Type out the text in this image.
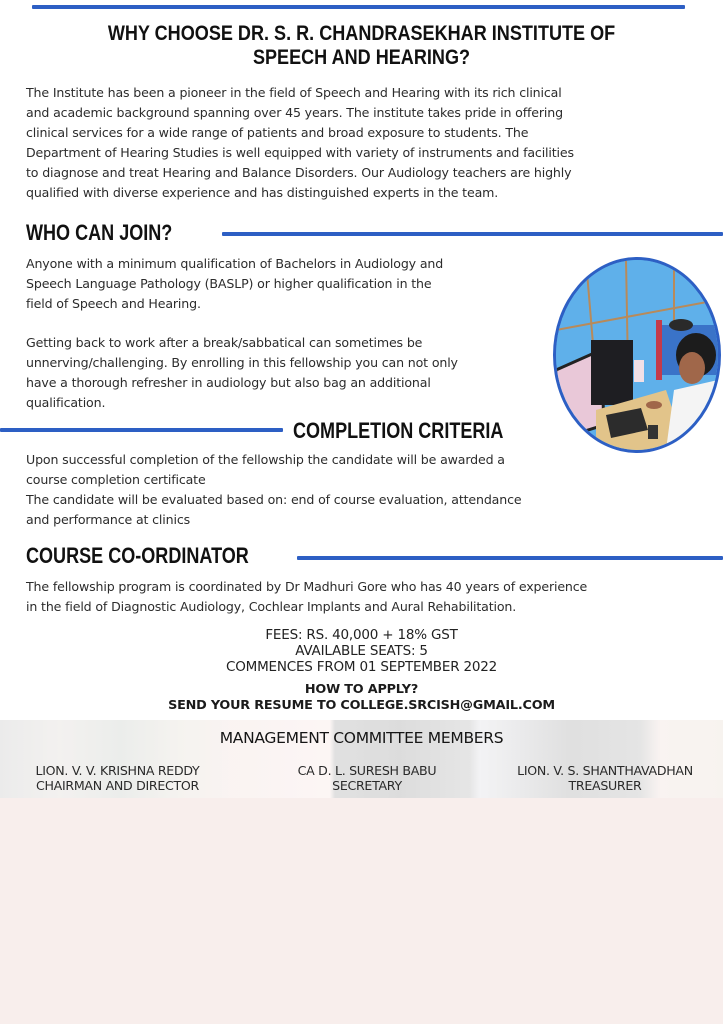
WHY CHOOSE DR. S. R. CHANDRASEKHAR INSTITUTE OF
SPEECH AND HEARING?
The Institute has been a pioneer in the field of Speech and Hearing with its rich clinical
and academic background spanning over 45 years. The institute takes pride in offering
clinical services for a wide range of patients and broad exposure to students. The
Department of Hearing Studies is well equipped with variety of instruments and facilities
to diagnose and treat Hearing and Balance Disorders. Our Audiology teachers are highly
qualified with diverse experience and has distinguished experts in the team.
WHO CAN JOIN?
Anyone with a minimum qualification of Bachelors in Audiology and
Speech Language Pathology (BASLP) or higher qualification in the
field of Speech and Hearing.
Getting back to work after a break/sabbatical can sometimes be
unnerving/challenging. By enrolling in this fellowship you can not only
have a thorough refresher in audiology but also bag an additional
qualification.
COMPLETION CRITERIA
Upon successful completion of the fellowship the candidate will be awarded a
course completion certificate
The candidate will be evaluated based on: end of course evaluation, attendance
and performance at clinics
COURSE CO-ORDINATOR
The fellowship program is coordinated by Dr Madhuri Gore who has 40 years of experience
in the field of Diagnostic Audiology, Cochlear Implants and Aural Rehabilitation.
FEES: RS. 40,000 + 18% GST
AVAILABLE SEATS: 5
COMMENCES FROM 01 SEPTEMBER 2022
HOW TO APPLY?
SEND YOUR RESUME TO COLLEGE.SRCISH@GMAIL.COM
MANAGEMENT COMMITTEE MEMBERS
LION. V. V. KRISHNA REDDY
CHAIRMAN AND DIRECTOR
CA D. L. SURESH BABU
SECRETARY
LION. V. S. SHANTHAVADHAN
TREASURER
